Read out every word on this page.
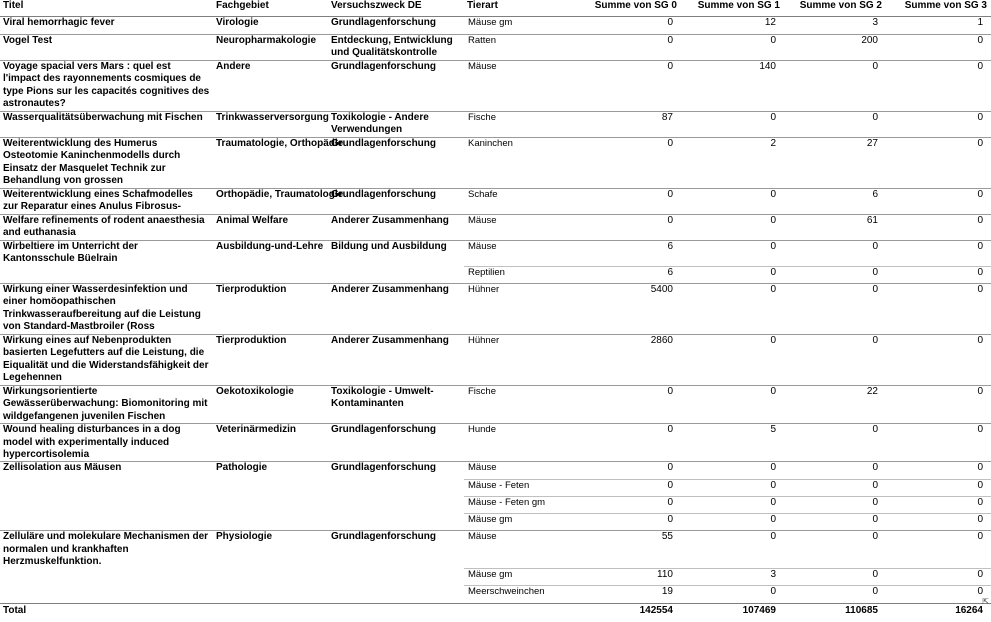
Titel	Fachgebiet	Versuchszweck DE	Tierart	Summe von SG 0	Summe von SG 1	Summe von SG 2	Summe von SG 3
Viral hemorrhagic fever	Virologie	Grundlagenforschung	Mäuse gm	0	12	3	1
Vogel Test	Neuropharmakologie	Entdeckung, Entwicklung und Qualitätskontrolle	Ratten	0	0	200	0
Voyage spacial vers Mars : quel est l'impact des rayonnements cosmiques de type Pions sur les capacités cognitives des astronautes?	Andere	Grundlagenforschung	Mäuse	0	140	0	0
Wasserqualitätsüberwachung mit Fischen	Trinkwasserversorgung	Toxikologie - Andere Verwendungen	Fische	87	0	0	0
Weiterentwicklung des Humerus Osteotomie Kaninchenmodells durch Einsatz der Masquelet Technik zur Behandlung von grossen	Traumatologie, Orthopädie	Grundlagenforschung	Kaninchen	0	2	27	0
Weiterentwicklung eines Schafmodelles zur Reparatur eines Anulus Fibrosus-	Orthopädie, Traumatologie	Grundlagenforschung	Schafe	0	0	6	0
Welfare refinements of rodent anaesthesia and euthanasia	Animal Welfare	Anderer Zusammenhang	Mäuse	0	0	61	0
Wirbeltiere im Unterricht der Kantonsschule Büelrain	Ausbildung-und-Lehre	Bildung und Ausbildung	Mäuse	6	0	0	0
			Reptilien	6	0	0	0
Wirkung einer Wasserdesinfektion und einer homöopathischen Trinkwasseraufbereitung auf die Leistung von Standard-Mastbroiler (Ross	Tierproduktion	Anderer Zusammenhang	Hühner	5400	0	0	0
Wirkung eines auf Nebenprodukten basierten Legefutters auf die Leistung, die Eiqualität und die Widerstandsfähigkeit der Legehennen	Tierproduktion	Anderer Zusammenhang	Hühner	2860	0	0	0
Wirkungsorientierte Gewässerüberwachung: Biomonitoring mit wildgefangenen juvenilen Fischen	Oekotoxikologie	Toxikologie - Umwelt-Kontaminanten	Fische	0	0	22	0
Wound healing disturbances in a dog model with experimentally induced hypercortisolemia	Veterinärmedizin	Grundlagenforschung	Hunde	0	5	0	0
Zellisolation aus Mäusen	Pathologie	Grundlagenforschung	Mäuse	0	0	0	0
			Mäuse - Feten	0	0	0	0
			Mäuse - Feten gm	0	0	0	0
			Mäuse gm	0	0	0	0
Zelluläre und molekulare Mechanismen der normalen und krankhaften Herzmuskelfunktion.	Physiologie	Grundlagenforschung	Mäuse	55	0	0	0
			Mäuse gm	110	3	0	0
			Meerschweinchen	19	0	0	0
Total				142554	107469	110685	16264
⇱
